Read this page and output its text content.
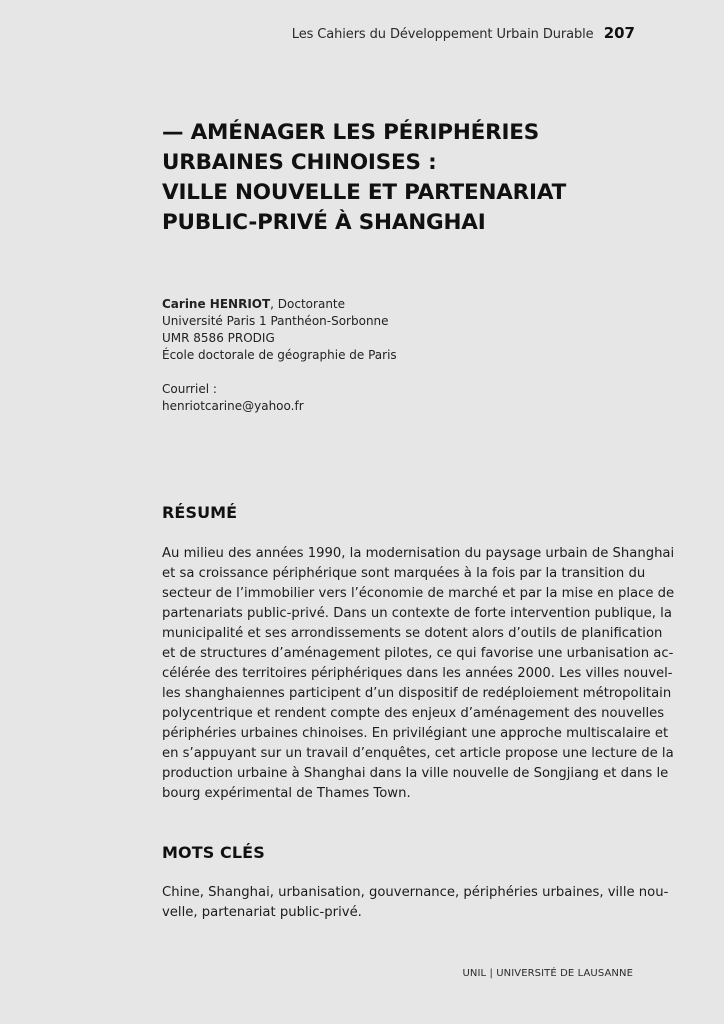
Les Cahiers du Développement Urbain Durable 207
— AMÉNAGER LES PÉRIPHÉRIES
URBAINES CHINOISES :
VILLE NOUVELLE ET PARTENARIAT
PUBLIC-PRIVÉ À SHANGHAI
Carine HENRIOT, Doctorante
Université Paris 1 Panthéon-Sorbonne
UMR 8586 PRODIG
École doctorale de géographie de Paris
Courriel :
henriotcarine@yahoo.fr
RÉSUMÉ

Au milieu des années 1990, la modernisation du paysage urbain de Shanghai
et sa croissance périphérique sont marquées à la fois par la transition du
secteur de l’immobilier vers l’économie de marché et par la mise en place de
partenariats public-privé. Dans un contexte de forte intervention publique, la
municipalité et ses arrondissements se dotent alors d’outils de planification
et de structures d’aménagement pilotes, ce qui favorise une urbanisation ac-
célérée des territoires périphériques dans les années 2000. Les villes nouvel-
les shanghaiennes participent d’un dispositif de redéploiement métropolitain
polycentrique et rendent compte des enjeux d’aménagement des nouvelles
périphéries urbaines chinoises. En privilégiant une approche multiscalaire et
en s’appuyant sur un travail d’enquêtes, cet article propose une lecture de la
production urbaine à Shanghai dans la ville nouvelle de Songjiang et dans le
bourg expérimental de Thames Town.

MOTS CLÉS

Chine, Shanghai, urbanisation, gouvernance, périphéries urbaines, ville nou-
velle, partenariat public-privé.

UNIL | UNIVERSITÉ DE LAUSANNE
